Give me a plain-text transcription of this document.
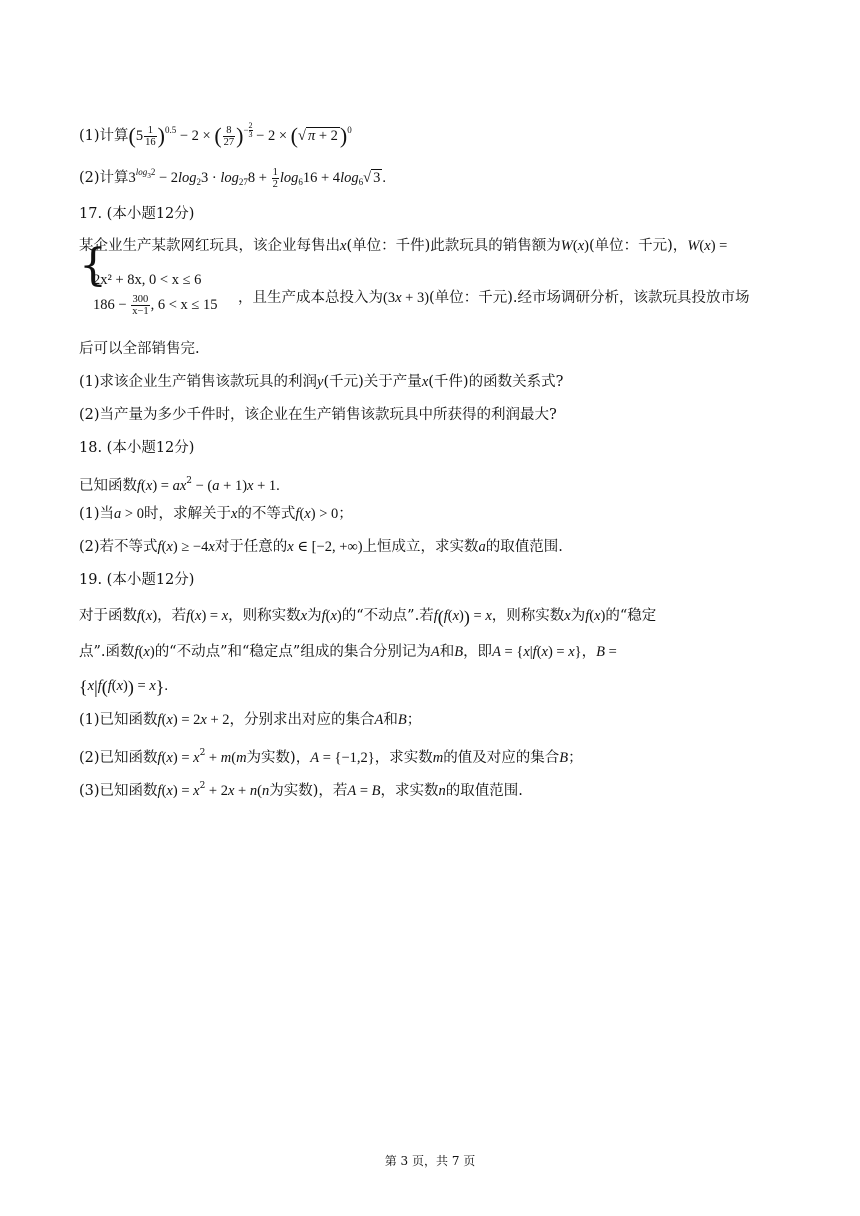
(1)计算$(5 \frac{1}{16} )^{0.5} - 2$ × ( $\frac{8}{27} )^{- \frac{2}{3}} - 2$ × (√ π + 2)$^0$
(2)计算$3^{log_32} - 2\log_23 \cdot \log_{27}8 + \frac{1}{2} \log_616 + 4\log_6√$ 3 .
17. (本小题12分)
某企业生产某款网红玩具，该企业每售出x(单位：千件)此款玩具的销售额为W(x)(单位：千元)，W(x) =
{
2x² + 8x, 0 < x ≤ 6
$186 - \frac{300}{x-1}$ , 6 < x ≤ 15 ，且生产成本总投入为(3x + 3)(单位：千元).经市场调研分析，该款玩具投放市场
后可以全部销售完.
(1)求该企业生产销售该款玩具的利润y(千元)关于产量x(千件)的函数关系式?
(2)当产量为多少千件时，该企业在生产销售该款玩具中所获得的利润最大?
18. (本小题12分)
已知函数$f(x) = ax^2 - (a + 1)x + 1$.
(1)当a > 0时，求解关于x的不等式f(x) > 0；
(2)若不等式f(x) ≥ −4x对于任意的x ∈ [−2, +∞)上恒成立，求实数a的取值范围.
19. (本小题12分)
对于函数f(x)，若f(x) = x，则称实数x为f(x)的“不动点”.若f(f(x)) = x，则称实数x为f(x)的“稳定
点”.函数f(x)的“不动点”和“稳定点”组成的集合分别记为A和B，即A = {x|f(x) = x}，B =
{x|f(f(x)) = x}.
(1)已知函数f(x) = 2x + 2，分别求出对应的集合A和B；
(2)已知函数$f(x) = x^2 + m(m$为实数)，A = {−1,2}，求实数m的值及对应的集合B；
(3)已知函数$f(x) = x^2 + 2x + n(n$为实数)，若A = B，求实数n的取值范围.
第 3 页，共 7 页
